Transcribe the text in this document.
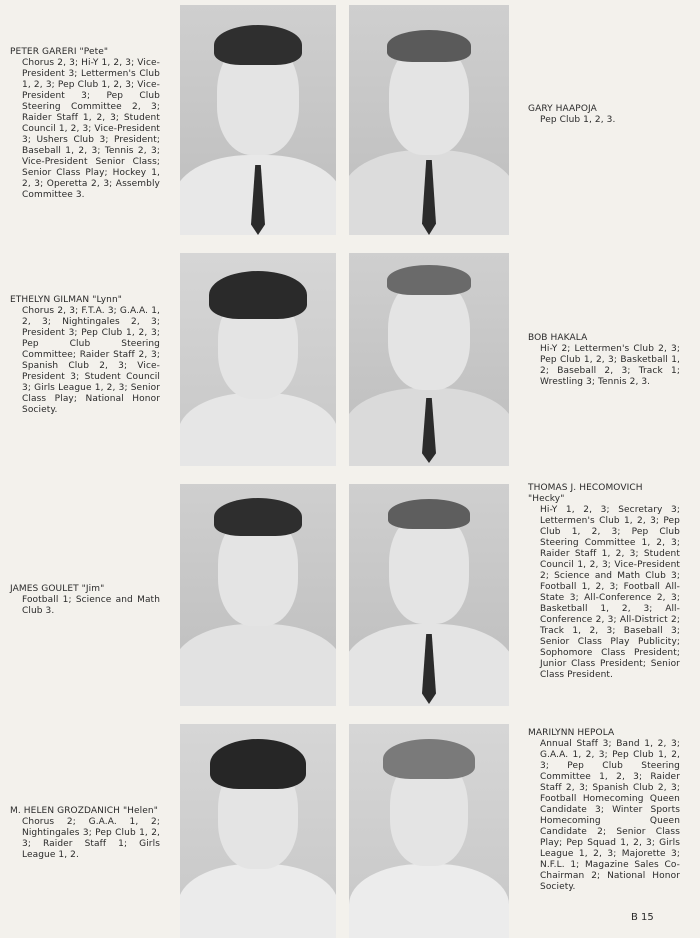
PETER GARERI "Pete"
Chorus 2, 3; Hi-Y 1, 2, 3; Vice-President 3; Lettermen's Club 1, 2, 3; Pep Club 1, 2, 3; Vice-President 3; Pep Club Steering Committee 2, 3; Raider Staff 1, 2, 3; Student Council 1, 2, 3; Vice-President 3; Ushers Club 3; President; Baseball 1, 2, 3; Tennis 2, 3; Vice-President Senior Class; Senior Class Play; Hockey 1, 2, 3; Operetta 2, 3; Assembly Committee 3.
GARY HAAPOJA
Pep Club 1, 2, 3.
ETHELYN GILMAN "Lynn"
Chorus 2, 3; F.T.A. 3; G.A.A. 1, 2, 3; Nightingales 2, 3; President 3; Pep Club 1, 2, 3; Pep Club Steering Committee; Raider Staff 2, 3; Spanish Club 2, 3; Vice-President 3; Student Council 3; Girls League 1, 2, 3; Senior Class Play; National Honor Society.
BOB HAKALA
Hi-Y 2; Lettermen's Club 2, 3; Pep Club 1, 2, 3; Basketball 1, 2; Baseball 2, 3; Track 1; Wrestling 3; Tennis 2, 3.
JAMES GOULET "Jim"
Football 1; Science and Math Club 3.
THOMAS J. HECOMOVICH "Hecky"
Hi-Y 1, 2, 3; Secretary 3; Lettermen's Club 1, 2, 3; Pep Club 1, 2, 3; Pep Club Steering Committee 1, 2, 3; Raider Staff 1, 2, 3; Student Council 1, 2, 3; Vice-President 2; Science and Math Club 3; Football 1, 2, 3; Football All-State 3; All-Conference 2, 3; Basketball 1, 2, 3; All-Conference 2, 3; All-District 2; Track 1, 2, 3; Baseball 3; Senior Class Play Publicity; Sophomore Class President; Junior Class President; Senior Class President.
M. HELEN GROZDANICH "Helen"
Chorus 2; G.A.A. 1, 2; Nightingales 3; Pep Club 1, 2, 3; Raider Staff 1; Girls League 1, 2.
MARILYNN HEPOLA
Annual Staff 3; Band 1, 2, 3; G.A.A. 1, 2, 3; Pep Club 1, 2, 3; Pep Club Steering Committee 1, 2, 3; Raider Staff 2, 3; Spanish Club 2, 3; Football Homecoming Queen Candidate 3; Winter Sports Homecoming Queen Candidate 2; Senior Class Play; Pep Squad 1, 2, 3; Girls League 1, 2, 3; Majorette 3; N.F.L. 1; Magazine Sales Co-Chairman 2; National Honor Society.
B 15
